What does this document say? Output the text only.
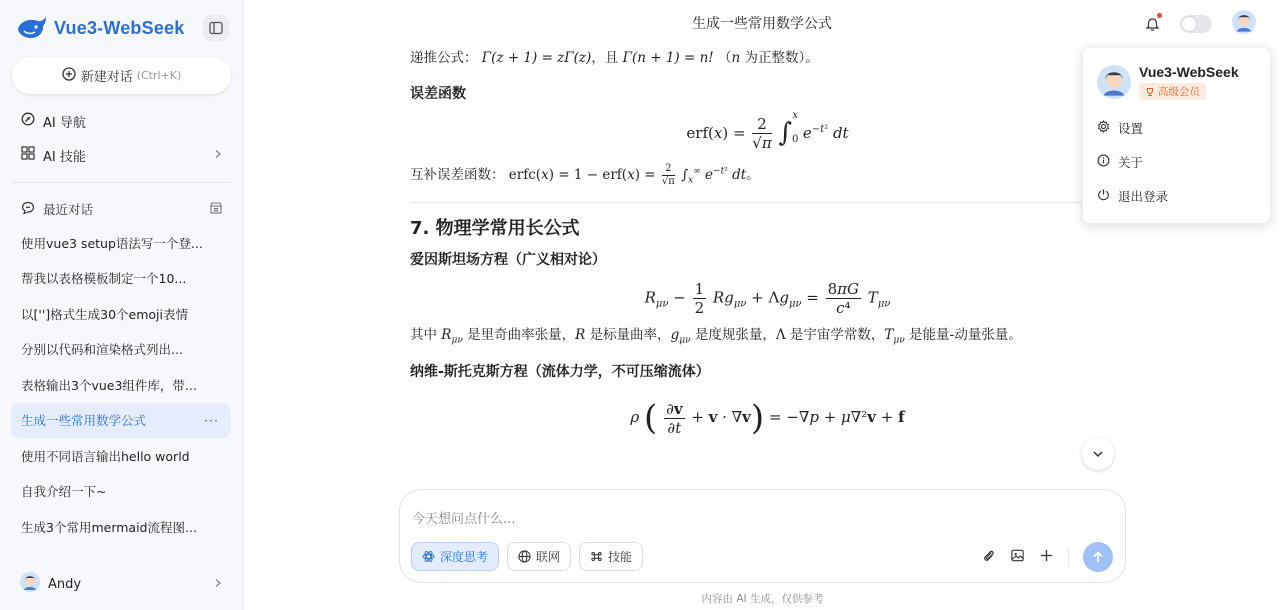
Vue3-WebSeek
新建对话 (Ctrl+K)
AI 导航
AI 技能
最近对话
使用vue3 setup语法写一个登...
帮我以表格模板制定一个10...
以['']格式生成30个emoji表情
分别以代码和渲染格式列出...
表格输出3个vue3组件库，带...
生成一些常用数学公式	···
使用不同语言输出hello world
自我介绍一下~
生成3个常用mermaid流程图...
Andy
生成一些常用数学公式
递推公式： Γ(z + 1) = zΓ(z)，且 Γ(n + 1) = n! （n 为正整数）。
误差函数
$erf(x) = \frac{2}{√\pi} \int_0^x$ $e^{-t^2}$ dt
互补误差函数： erfc(x) = $1 - erf(x) = \frac{2}{√\pi} \int_x^\infty$ $e^{-t^2}$ dt。
7. 物理学常用长公式
爱因斯坦场方程（广义相对论）
$R_{\mu\nu} - \frac{1}{2} Rg_{\mu\nu} + \Lambda g_{\mu\nu} = \frac{8\pi G}{\text{c⁴}} T_{\mu\nu}$
其中 $R_{\mu\nu}$ 是里奇曲率张量，R 是标量曲率，$g_{\mu\nu}$ 是度规张量，Λ 是宇宙学常数，$T_{\mu\nu}$ 是能量-动量张量。
纳维-斯托克斯方程（流体力学，不可压缩流体）
ρ ( $\frac{\partial v}{\partial t} + v \cdot \nabla v) = -\nabla p + \mu\nabla^2v + f$
今天想问点什么...
深度思考	联网	技能
内容由 AI 生成，仅供参考
Vue3-WebSeek
高级会员
设置
关于
退出登录
